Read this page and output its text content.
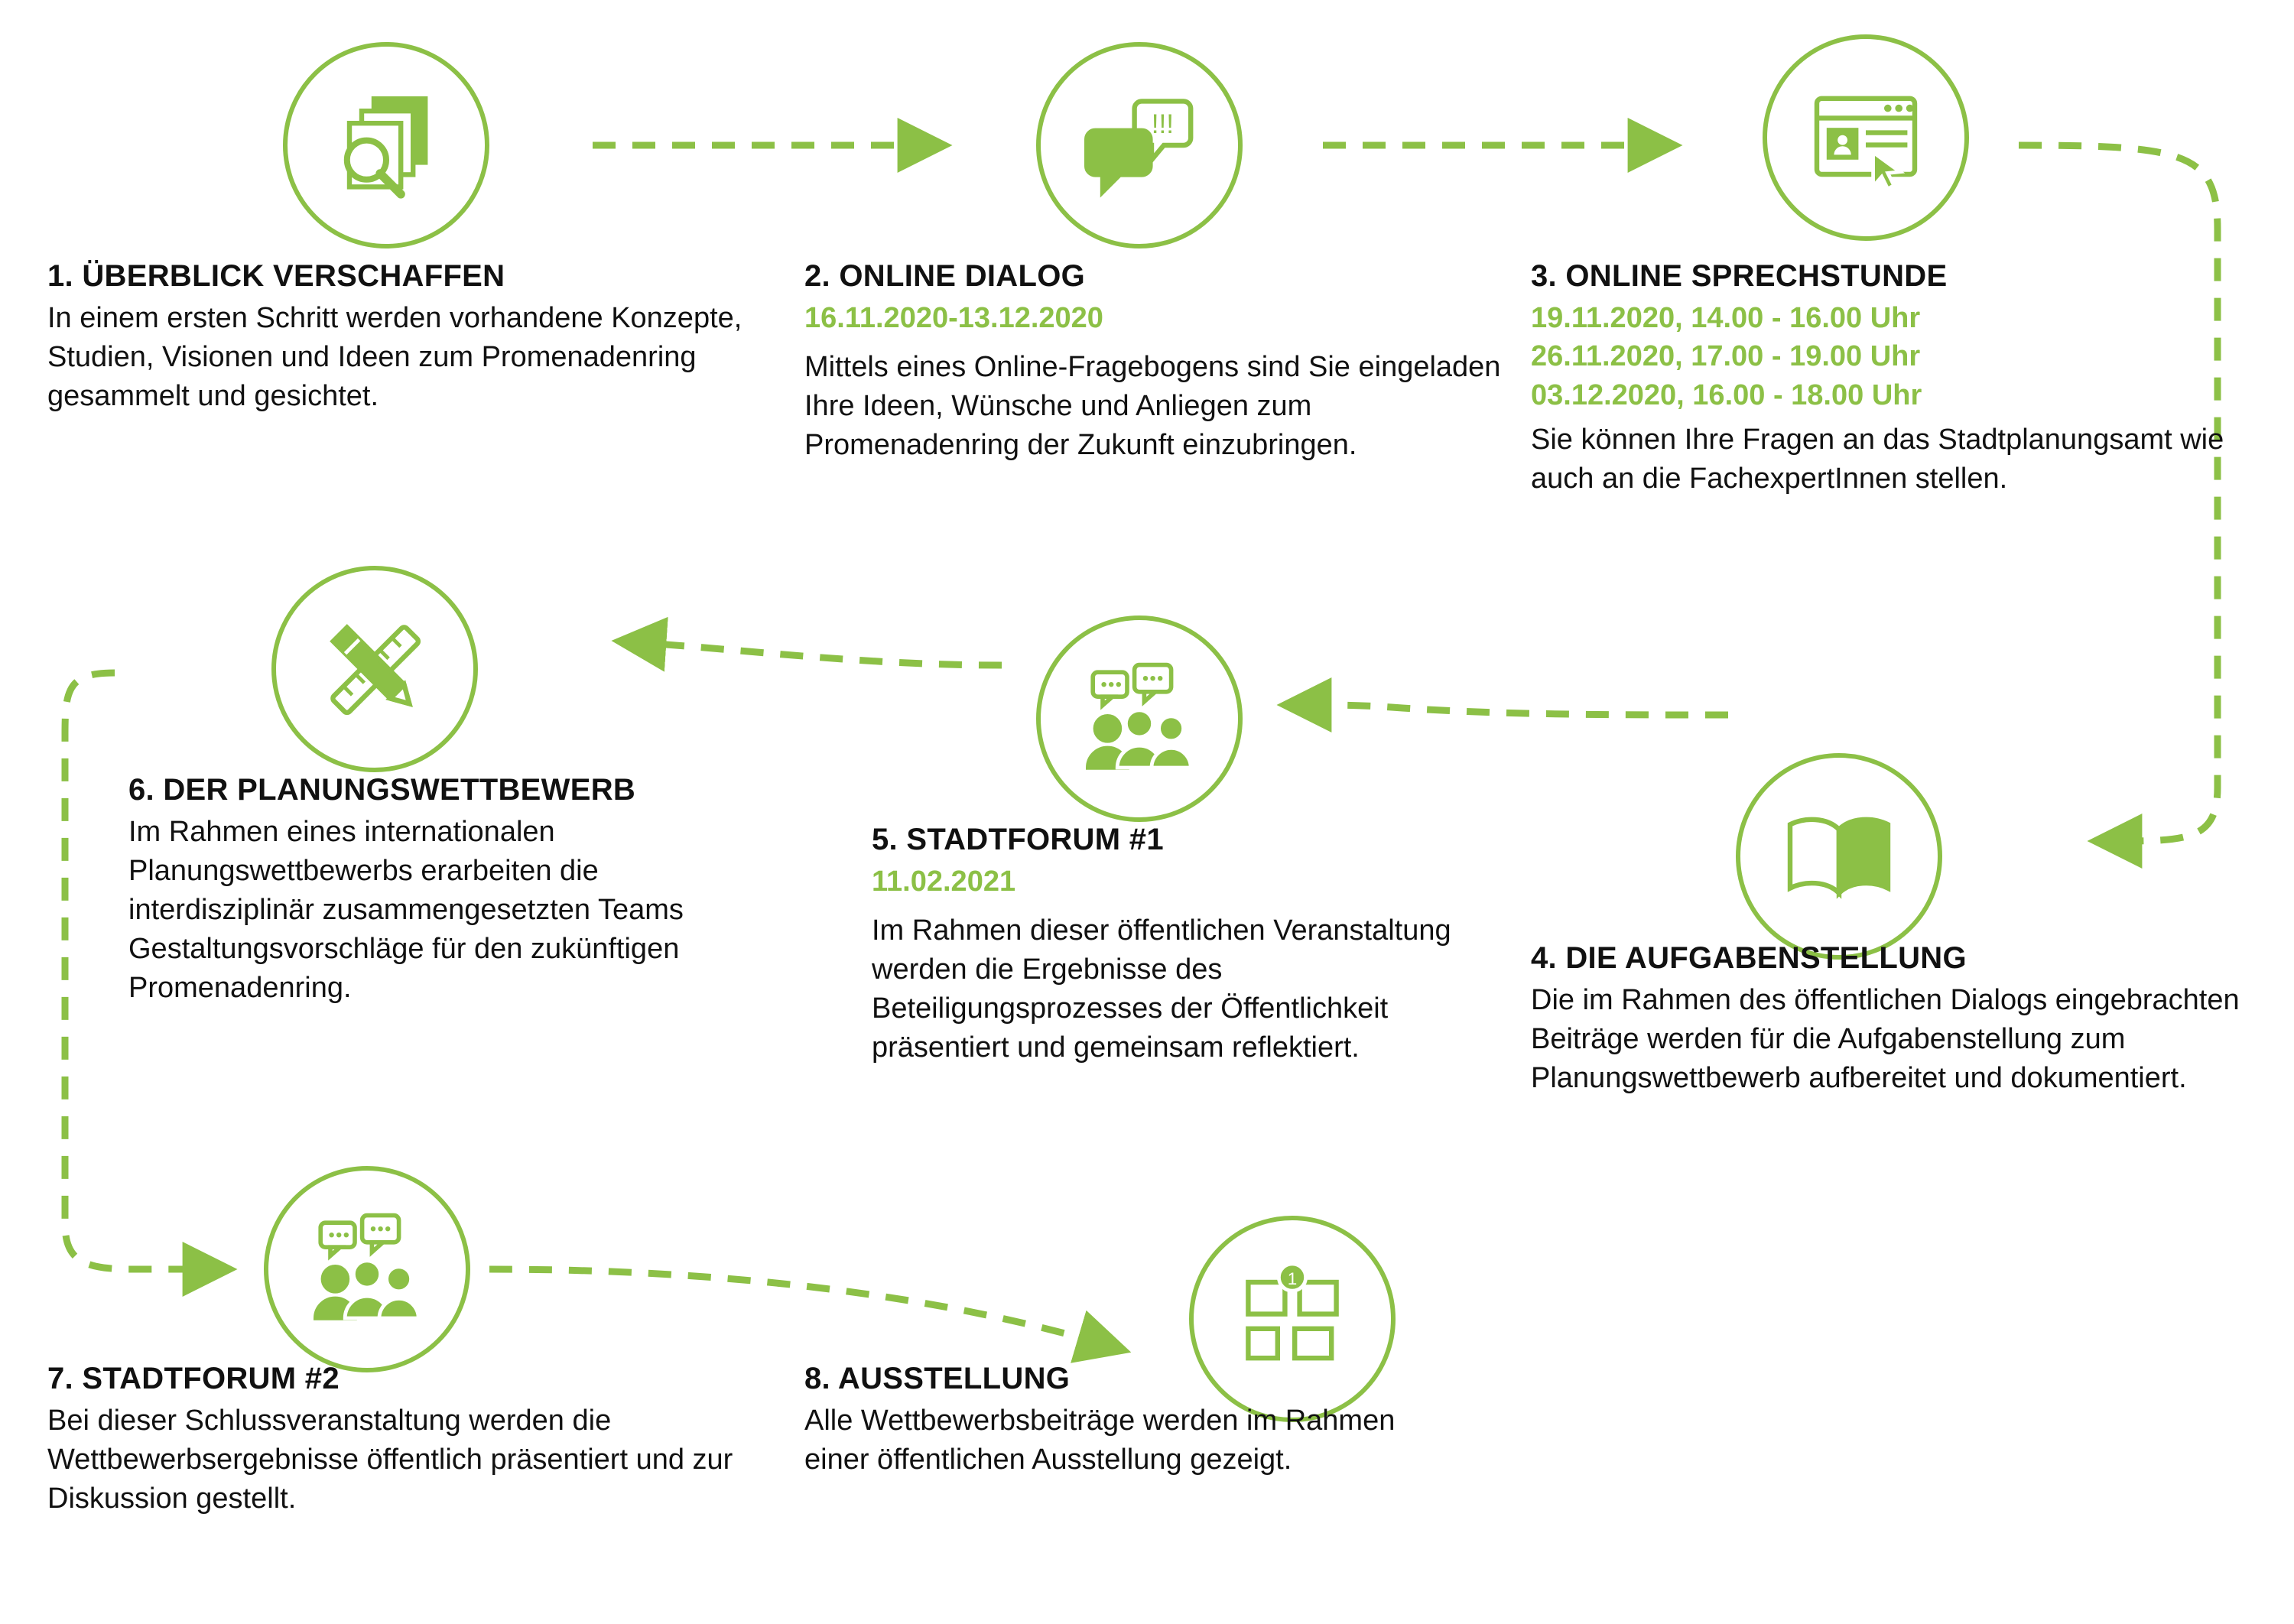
!!!
1
1. ÜBERBLICK VERSCHAFFEN

In einem ersten Schritt werden vorhandene Konzepte, Studien, Visionen und Ideen zum Promenadenring gesammelt und gesichtet.

2. ONLINE DIALOG

16.11.2020-13.12.2020

Mittels eines Online-Fragebogens sind Sie eingeladen Ihre Ideen, Wünsche und Anliegen zum Promenadenring der Zukunft einzubringen.

3. ONLINE SPRECHSTUNDE

19.11.2020, 14.00 - 16.00 Uhr

26.11.2020, 17.00 - 19.00 Uhr

03.12.2020, 16.00 - 18.00 Uhr

Sie können Ihre Fragen an das Stadtplanungsamt wie auch an die FachexpertInnen stellen.

6. DER PLANUNGSWETTBEWERB

Im Rahmen eines internationalen Planungswettbewerbs erarbeiten die interdisziplinär zusammengesetzten Teams Gestaltungsvorschläge für den zukünftigen Promenadenring.

5. STADTFORUM #1

11.02.2021

Im Rahmen dieser öffentlichen Veranstaltung werden die Ergebnisse des Beteiligungsprozesses der Öffentlichkeit präsentiert und gemeinsam reflektiert.

4. DIE AUFGABENSTELLUNG

Die im Rahmen des öffentlichen Dialogs eingebrachten Beiträge werden für die Aufgabenstellung zum Planungswettbewerb aufbereitet und dokumentiert.

7. STADTFORUM #2

Bei dieser Schlussveranstaltung werden die Wettbewerbsergebnisse öffentlich präsentiert und zur Diskussion gestellt.

8. AUSSTELLUNG

Alle Wettbewerbsbeiträge werden im Rahmen einer öffentlichen Ausstellung gezeigt.
